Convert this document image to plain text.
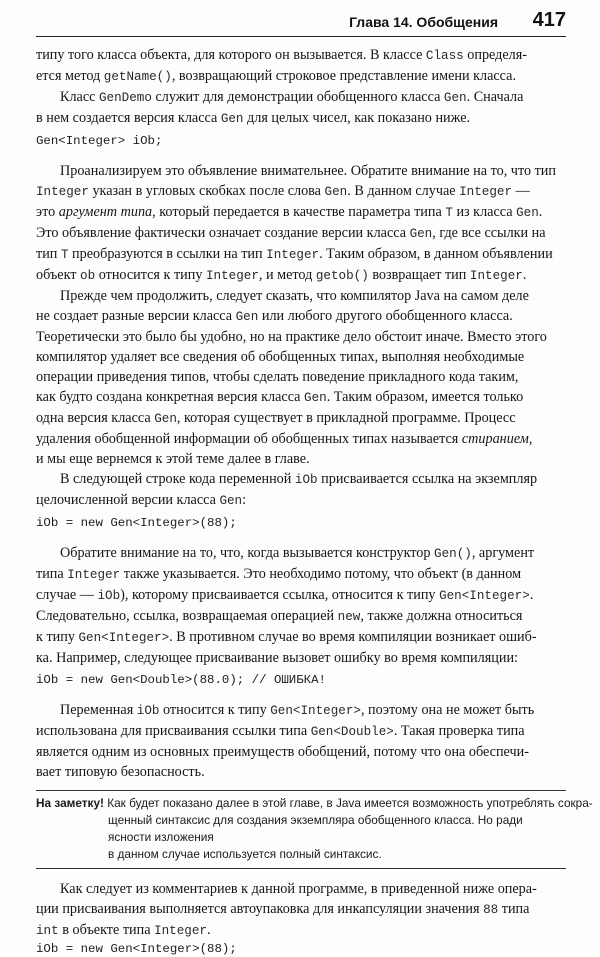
Глава 14. Обобщения 417

типу того класса объекта, для которого он вызывается. В классе Class определя-
ется метод getName(), возвращающий строковое представление имени класса.

Класс GenDemo служит для демонстрации обобщенного класса Gen. Сначала
в нем создается версия класса Gen для целых чисел, как показано ниже.

Gen<Integer> iOb;

Проанализируем это объявление внимательнее. Обратите внимание на то, что тип
Integer указан в угловых скобках после слова Gen. В данном случае Integer —
это аргумент типа, который передается в качестве параметра типа T из класса Gen.
Это объявление фактически означает создание версии класса Gen, где все ссылки на
тип T преобразуются в ссылки на тип Integer. Таким образом, в данном объявлении
объект ob относится к типу Integer, и метод getob() возвращает тип Integer.

Прежде чем продолжить, следует сказать, что компилятор Java на самом деле
не создает разные версии класса Gen или любого другого обобщенного класса.
Теоретически это было бы удобно, но на практике дело обстоит иначе. Вместо этого
компилятор удаляет все сведения об обобщенных типах, выполняя необходимые
операции приведения типов, чтобы сделать поведение прикладного кода таким,
как будто создана конкретная версия класса Gen. Таким образом, имеется только
одна версия класса Gen, которая существует в прикладной программе. Процесс
удаления обобщенной информации об обобщенных типах называется стиранием,
и мы еще вернемся к этой теме далее в главе.

В следующей строке кода переменной iOb присваивается ссылка на экземпляр
целочисленной версии класса Gen:

iOb = new Gen<Integer>(88);

Обратите внимание на то, что, когда вызывается конструктор Gen(), аргумент
типа Integer также указывается. Это необходимо потому, что объект (в данном
случае — iOb), которому присваивается ссылка, относится к типу Gen<Integer>.
Следовательно, ссылка, возвращаемая операцией new, также должна относиться
к типу Gen<Integer>. В противном случае во время компиляции возникает ошиб-
ка. Например, следующее присваивание вызовет ошибку во время компиляции:

iOb = new Gen<Double>(88.0); // ОШИБКА!

Переменная iOb относится к типу Gen<Integer>, поэтому она не может быть
использована для присваивания ссылки типа Gen<Double>. Такая проверка типа
является одним из основных преимуществ обобщений, потому что она обеспечи-
вает типовую безопасность.

На заметку! Как будет показано далее в этой главе, в Java имеется возможность употреблять сокра-
щенный синтаксис для создания экземпляра обобщенного класса. Но ради ясности изложения
в данном случае используется полный синтаксис.

Как следует из комментариев к данной программе, в приведенной ниже опера-
ции присваивания выполняется автоупаковка для инкапсуляции значения 88 типа
int в объекте типа Integer.

iOb = new Gen<Integer>(88);
